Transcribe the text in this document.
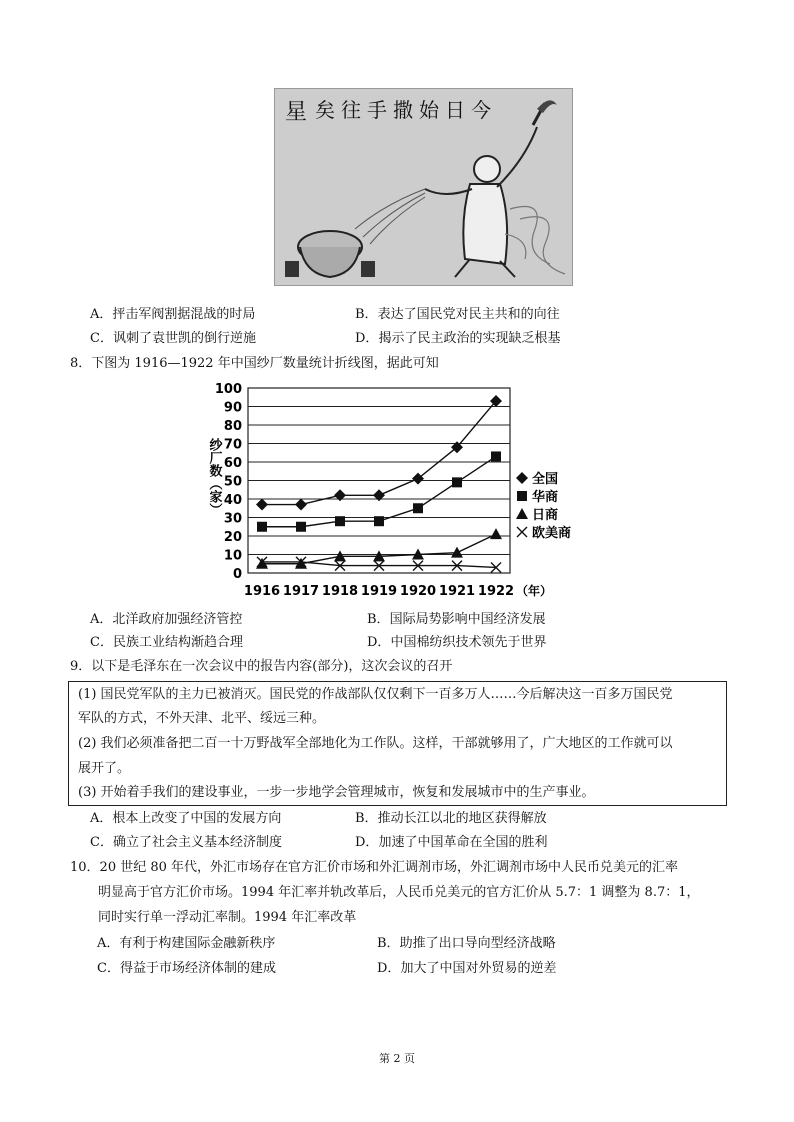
星 矣往手撒始日今
A．抨击军阀割据混战的时局	B．表达了国民党对民主共和的向往
C．讽刺了袁世凯的倒行逆施	D．揭示了民主政治的实现缺乏根基
8．下图为 1916—1922 年中国纱厂数量统计折线图，据此可知
0
10
20
30
40
50
60
70
80
90
100
1916 1917 1918 1919 1920 1921 1922 （年）
纱厂数（家）	全国
华商
日商
欧美商
A．北洋政府加强经济管控	B．国际局势影响中国经济发展
C．民族工业结构渐趋合理	D．中国棉纺织技术领先于世界
9．以下是毛泽东在一次会议中的报告内容(部分)，这次会议的召开
(1) 国民党军队的主力已被消灭。国民党的作战部队仅仅剩下一百多万人……今后解决这一百多万国民党
军队的方式，不外天津、北平、绥远三种。
(2) 我们必须准备把二百一十万野战军全部地化为工作队。这样，干部就够用了，广大地区的工作就可以
展开了。
(3) 开始着手我们的建设事业，一步一步地学会管理城市，恢复和发展城市中的生产事业。
A．根本上改变了中国的发展方向	B．推动长江以北的地区获得解放
C．确立了社会主义基本经济制度	D．加速了中国革命在全国的胜利
10．20 世纪 80 年代，外汇市场存在官方汇价市场和外汇调剂市场，外汇调剂市场中人民币兑美元的汇率
明显高于官方汇价市场。1994 年汇率并轨改革后，人民币兑美元的官方汇价从 5.7：1 调整为 8.7：1，
同时实行单一浮动汇率制。1994 年汇率改革
A．有利于构建国际金融新秩序	B．助推了出口导向型经济战略
C．得益于市场经济体制的建成	D．加大了中国对外贸易的逆差
第 2 页
